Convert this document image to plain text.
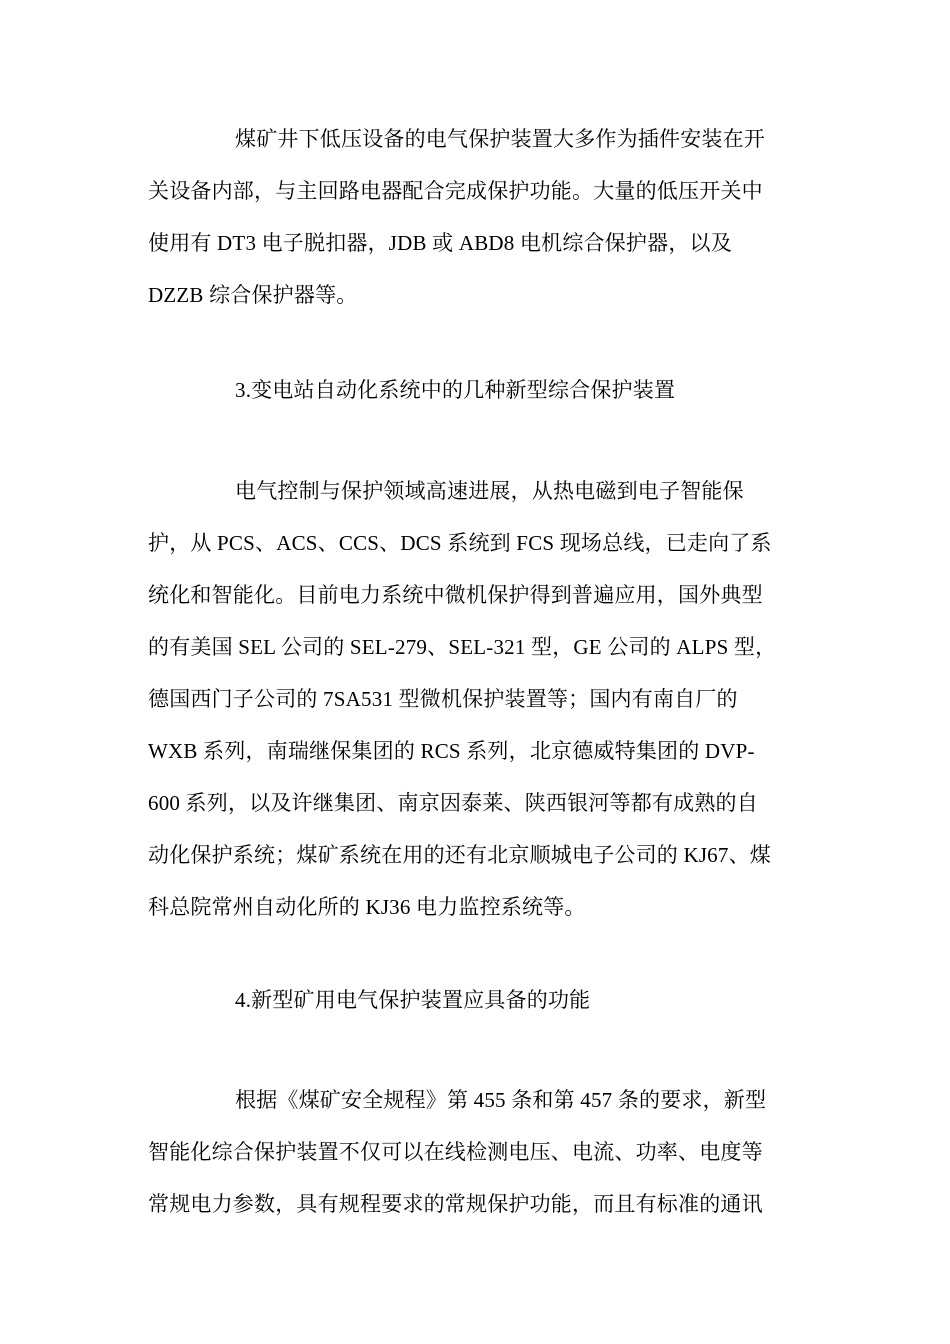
煤矿井下低压设备的电气保护装置大多作为插件安装在开
关设备内部，与主回路电器配合完成保护功能。大量的低压开关中
使用有 DT3 电子脱扣器，JDB 或 ABD8 电机综合保护器，以及
DZZB 综合保护器等。
3.变电站自动化系统中的几种新型综合保护装置
电气控制与保护领域高速进展，从热电磁到电子智能保
护，从 PCS、ACS、CCS、DCS 系统到 FCS 现场总线，已走向了系
统化和智能化。目前电力系统中微机保护得到普遍应用，国外典型
的有美国 SEL 公司的 SEL-279、SEL-321 型，GE 公司的 ALPS 型，
德国西门子公司的 7SA531 型微机保护装置等；国内有南自厂的
WXB 系列，南瑞继保集团的 RCS 系列，北京德威特集团的 DVP-
600 系列，以及许继集团、南京因泰莱、陕西银河等都有成熟的自
动化保护系统；煤矿系统在用的还有北京顺城电子公司的 KJ67、煤
科总院常州自动化所的 KJ36 电力监控系统等。
4.新型矿用电气保护装置应具备的功能
根据《煤矿安全规程》第 455 条和第 457 条的要求，新型
智能化综合保护装置不仅可以在线检测电压、电流、功率、电度等
常规电力参数，具有规程要求的常规保护功能，而且有标准的通讯
